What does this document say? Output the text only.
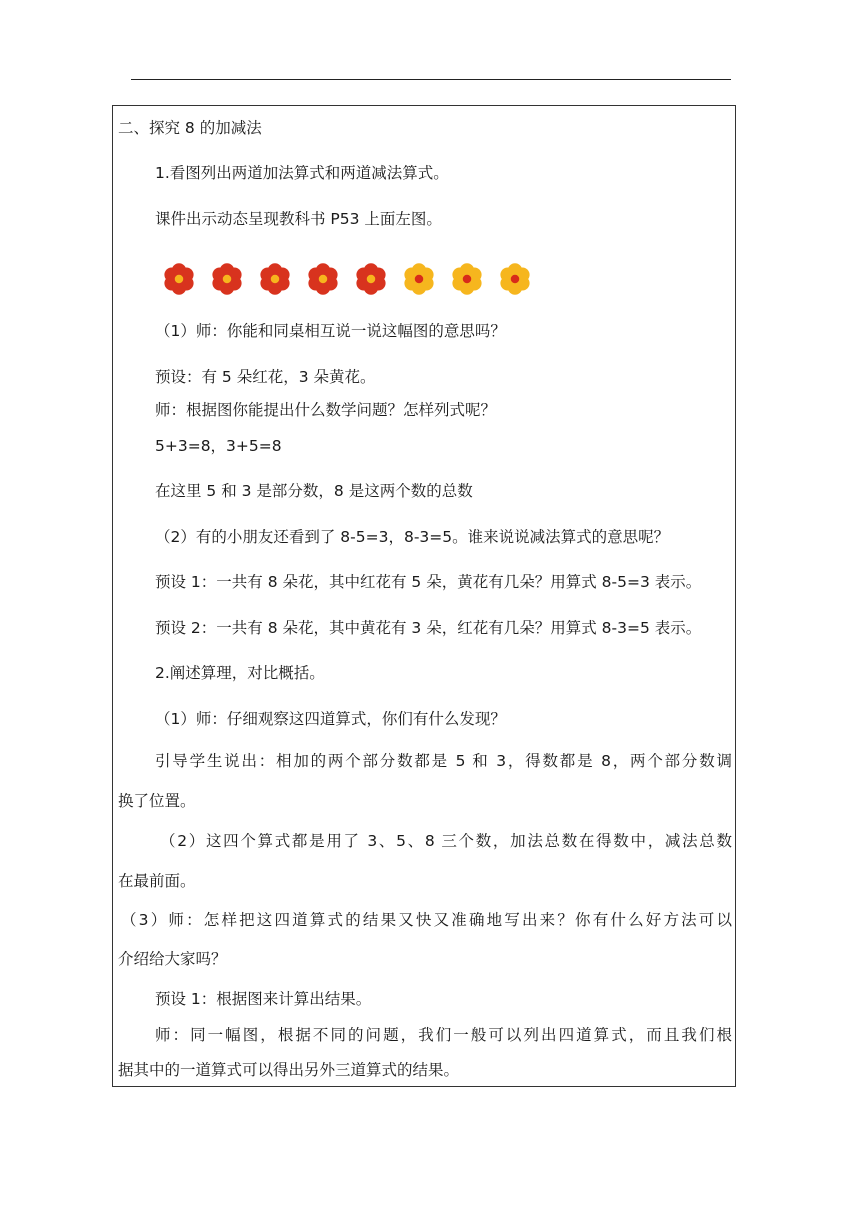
二、探究 8 的加减法
1.看图列出两道加法算式和两道减法算式。
课件出示动态呈现教科书 P53 上面左图。
（1）师：你能和同桌相互说一说这幅图的意思吗？
预设：有 5 朵红花，3 朵黄花。
师：根据图你能提出什么数学问题？怎样列式呢？
5+3=8，3+5=8
在这里 5 和 3 是部分数，8 是这两个数的总数
（2）有的小朋友还看到了 8-5=3，8-3=5。谁来说说减法算式的意思呢？
预设 1：一共有 8 朵花，其中红花有 5 朵，黄花有几朵？用算式 8-5=3 表示。
预设 2：一共有 8 朵花，其中黄花有 3 朵，红花有几朵？用算式 8-3=5 表示。
2.阐述算理，对比概括。
（1）师：仔细观察这四道算式，你们有什么发现？
引导学生说出：相加的两个部分数都是 5 和 3，得数都是 8，两个部分数调
换了位置。
（2）这四个算式都是用了 3、5、8 三个数，加法总数在得数中，减法总数
在最前面。
（3）师：怎样把这四道算式的结果又快又准确地写出来？你有什么好方法可以
介绍给大家吗？
预设 1：根据图来计算出结果。
师：同一幅图，根据不同的问题，我们一般可以列出四道算式，而且我们根
据其中的一道算式可以得出另外三道算式的结果。
